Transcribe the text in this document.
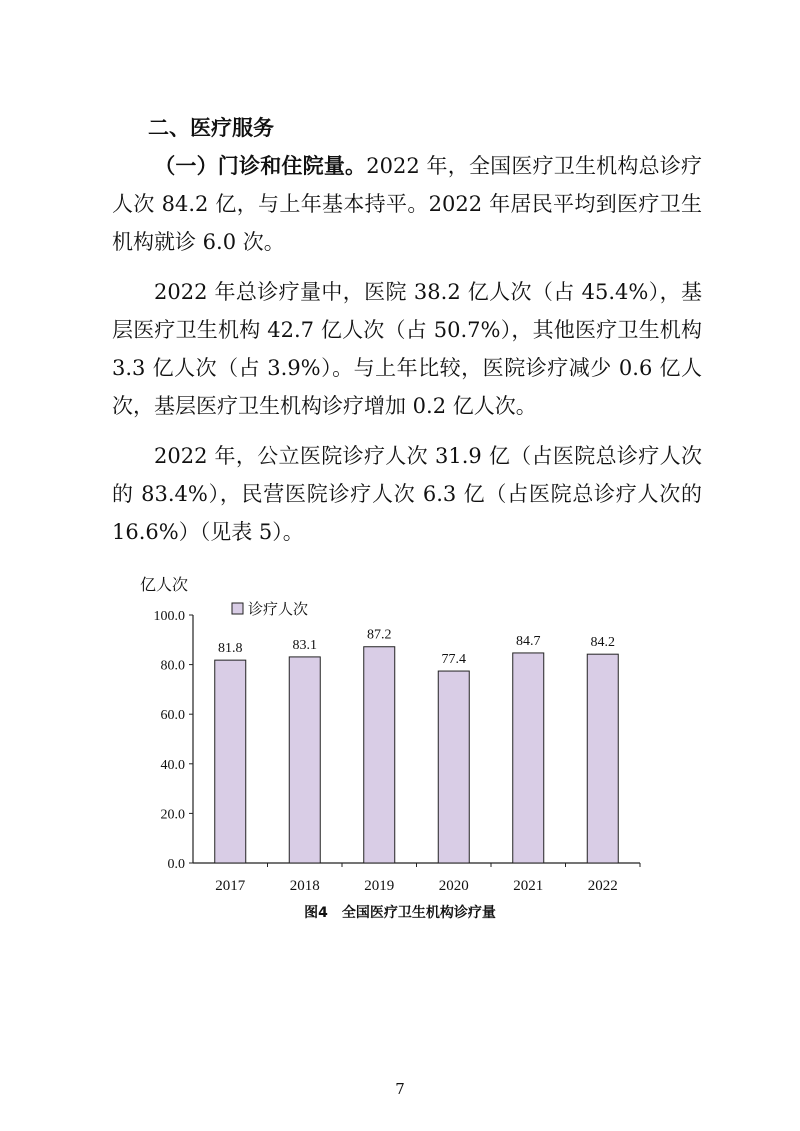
二、医疗服务

（一）门诊和住院量。2022 年，全国医疗卫生机构总诊疗人次 84.2 亿，与上年基本持平。2022 年居民平均到医疗卫生机构就诊 6.0 次。

2022 年总诊疗量中，医院 38.2 亿人次（占 45.4%），基层医疗卫生机构 42.7 亿人次（占 50.7%），其他医疗卫生机构 3.3 亿人次（占 3.9%）。与上年比较，医院诊疗减少 0.6 亿人次，基层医疗卫生机构诊疗增加 0.2 亿人次。

2022 年，公立医院诊疗人次 31.9 亿（占医院总诊疗人次的 83.4%），民营医院诊疗人次 6.3 亿（占医院总诊疗人次的 16.6%）（见表 5）。

亿人次
0.0
20.0
40.0
60.0
80.0
100.0
81.8
2017
83.1
2018
87.2
2019
77.4
2020
84.7
2021
84.2
2022
诊疗人次
图4　全国医疗卫生机构诊疗量
7
